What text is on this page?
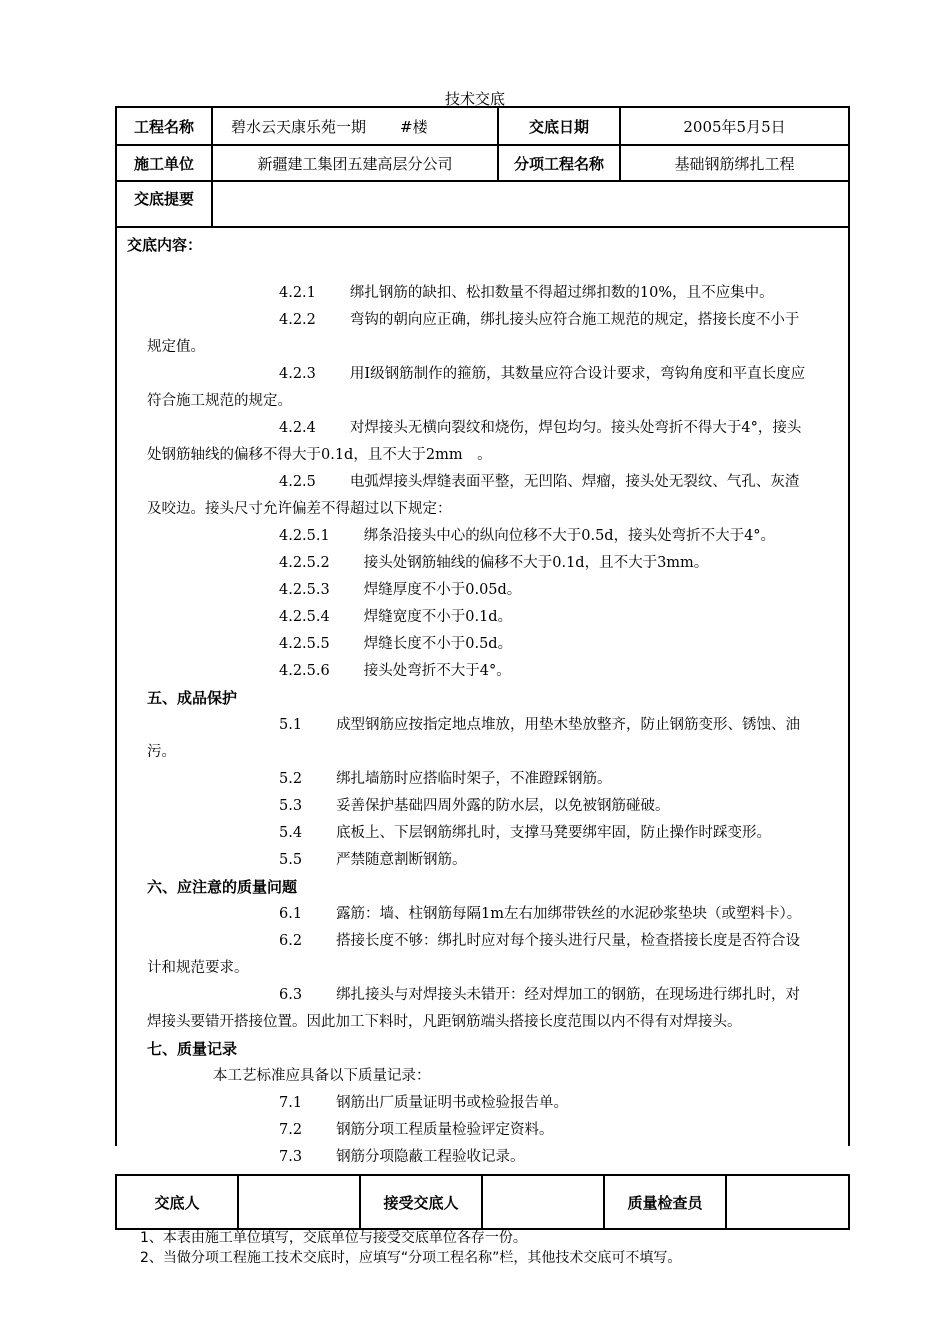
技术交底
工程名称	碧水云天康乐苑一期 #楼	交底日期	2005年5月5日
施工单位	新疆建工集团五建高层分公司	分项工程名称	基础钢筋绑扎工程
交底提要			
交底内容：

4.2.1 绑扎钢筋的缺扣、松扣数量不得超过绑扣数的10%，且不应集中。

4.2.2 弯钩的朝向应正确，绑扎接头应符合施工规范的规定，搭接长度不小于规定值。

4.2.3 用Ⅰ级钢筋制作的箍筋，其数量应符合设计要求，弯钩角度和平直长度应符合施工规范的规定。

4.2.4 对焊接头无横向裂纹和烧伤，焊包均匀。接头处弯折不得大于4°，接头处钢筋轴线的偏移不得大于0.1d，且不大于2mm　。

4.2.5 电弧焊接头焊缝表面平整，无凹陷、焊瘤，接头处无裂纹、气孔、灰渣及咬边。接头尺寸允许偏差不得超过以下规定：

4.2.5.1 绑条沿接头中心的纵向位移不大于0.5d，接头处弯折不大于4°。

4.2.5.2 接头处钢筋轴线的偏移不大于0.1d，且不大于3mm。

4.2.5.3 焊缝厚度不小于0.05d。

4.2.5.4 焊缝宽度不小于0.1d。

4.2.5.5 焊缝长度不小于0.5d。

4.2.5.6 接头处弯折不大于4°。

五、成品保护

5.1 成型钢筋应按指定地点堆放，用垫木垫放整齐，防止钢筋变形、锈蚀、油污。

5.2 绑扎墙筋时应搭临时架子，不准蹬踩钢筋。

5.3 妥善保护基础四周外露的防水层，以免被钢筋碰破。

5.4 底板上、下层钢筋绑扎时，支撑马凳要绑牢固，防止操作时踩变形。

5.5 严禁随意割断钢筋。

六、应注意的质量问题

6.1 露筋：墙、柱钢筋每隔1m左右加绑带铁丝的水泥砂浆垫块（或塑料卡）。

6.2 搭接长度不够：绑扎时应对每个接头进行尺量，检查搭接长度是否符合设计和规范要求。

6.3 绑扎接头与对焊接头未错开：经对焊加工的钢筋，在现场进行绑扎时，对焊接头要错开搭接位置。因此加工下料时，凡距钢筋端头搭接长度范围以内不得有对焊接头。

七、质量记录

本工艺标准应具备以下质量记录：

7.1 钢筋出厂质量证明书或检验报告单。

7.2 钢筋分项工程质量检验评定资料。

7.3 钢筋分项隐蔽工程验收记录。

交底人		接受交底人		质量检查员	
1、本表由施工单位填写，交底单位与接受交底单位各存一份。
2、当做分项工程施工技术交底时，应填写“分项工程名称”栏，其他技术交底可不填写。
